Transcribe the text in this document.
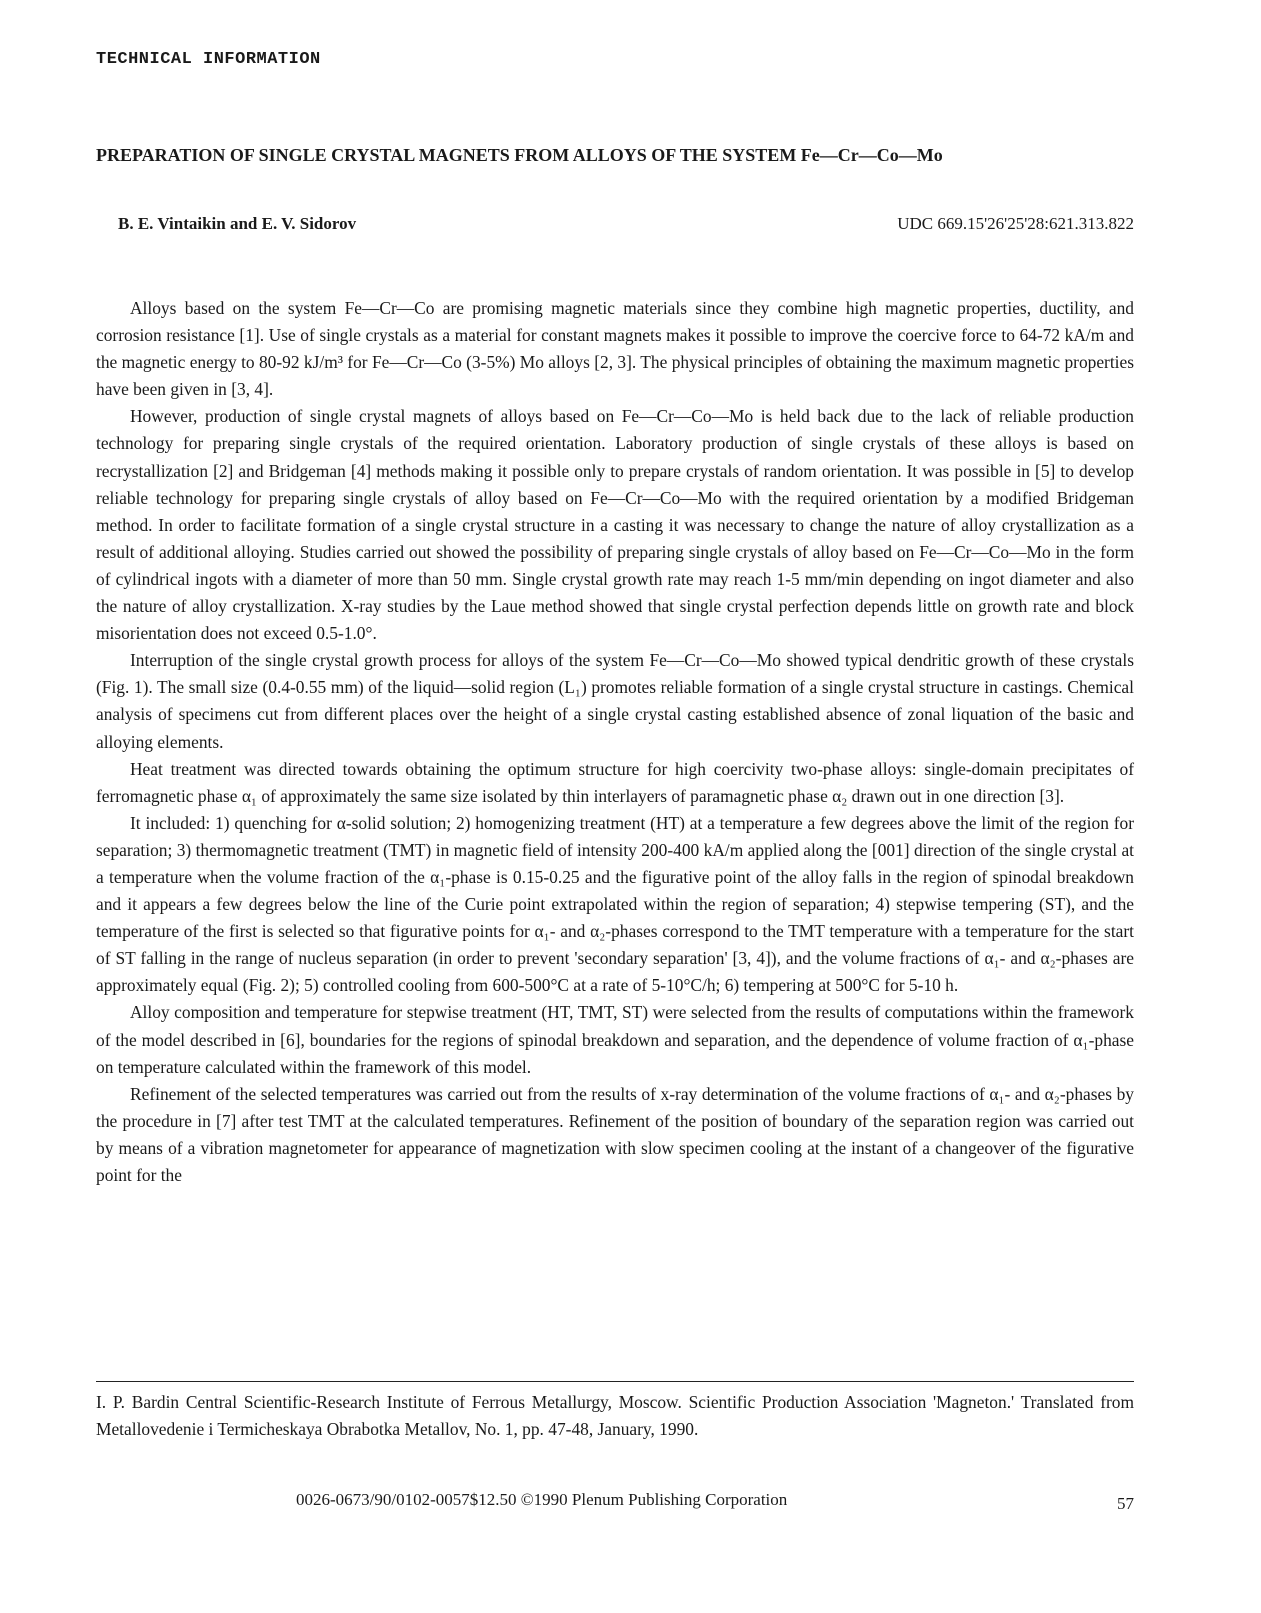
TECHNICAL INFORMATION
PREPARATION OF SINGLE CRYSTAL MAGNETS FROM ALLOYS OF THE SYSTEM Fe—Cr—Co—Mo
B. E. Vintaikin and E. V. Sidorov	UDC 669.15'26'25'28:621.313.822

Alloys based on the system Fe—Cr—Co are promising magnetic materials since they combine high magnetic properties, ductility, and corrosion resistance [1]. Use of single crystals as a material for constant magnets makes it possible to improve the coercive force to 64-72 kA/m and the magnetic energy to 80-92 kJ/m³ for Fe—Cr—Co (3-5%) Mo alloys [2, 3]. The physical principles of obtaining the maximum magnetic properties have been given in [3, 4].

However, production of single crystal magnets of alloys based on Fe—Cr—Co—Mo is held back due to the lack of reliable production technology for preparing single crystals of the required orientation. Laboratory production of single crystals of these alloys is based on recrystallization [2] and Bridgeman [4] methods making it possible only to prepare crystals of random orientation. It was possible in [5] to develop reliable technology for preparing single crystals of alloy based on Fe—Cr—Co—Mo with the required orientation by a modified Bridgeman method. In order to facilitate formation of a single crystal structure in a casting it was necessary to change the nature of alloy crystallization as a result of additional alloying. Studies carried out showed the possibility of preparing single crystals of alloy based on Fe—Cr—Co—Mo in the form of cylindrical ingots with a diameter of more than 50 mm. Single crystal growth rate may reach 1-5 mm/min depending on ingot diameter and also the nature of alloy crystallization. X-ray studies by the Laue method showed that single crystal perfection depends little on growth rate and block misorientation does not exceed 0.5-1.0°.

Interruption of the single crystal growth process for alloys of the system Fe—Cr—Co—Mo showed typical dendritic growth of these crystals (Fig. 1). The small size (0.4-0.55 mm) of the liquid—solid region (L₁) promotes reliable formation of a single crystal structure in castings. Chemical analysis of specimens cut from different places over the height of a single crystal casting established absence of zonal liquation of the basic and alloying elements.

Heat treatment was directed towards obtaining the optimum structure for high coercivity two-phase alloys: single-domain precipitates of ferromagnetic phase α₁ of approximately the same size isolated by thin interlayers of paramagnetic phase α₂ drawn out in one direction [3].

It included: 1) quenching for α-solid solution; 2) homogenizing treatment (HT) at a temperature a few degrees above the limit of the region for separation; 3) thermomagnetic treatment (TMT) in magnetic field of intensity 200-400 kA/m applied along the [001] direction of the single crystal at a temperature when the volume fraction of the α₁-phase is 0.15-0.25 and the figurative point of the alloy falls in the region of spinodal breakdown and it appears a few degrees below the line of the Curie point extrapolated within the region of separation; 4) stepwise tempering (ST), and the temperature of the first is selected so that figurative points for α₁- and α₂-phases correspond to the TMT temperature with a temperature for the start of ST falling in the range of nucleus separation (in order to prevent 'secondary separation' [3, 4]), and the volume fractions of α₁- and α₂-phases are approximately equal (Fig. 2); 5) controlled cooling from 600-500°C at a rate of 5-10°C/h; 6) tempering at 500°C for 5-10 h.

Alloy composition and temperature for stepwise treatment (HT, TMT, ST) were selected from the results of computations within the framework of the model described in [6], boundaries for the regions of spinodal breakdown and separation, and the dependence of volume fraction of α₁-phase on temperature calculated within the framework of this model.

Refinement of the selected temperatures was carried out from the results of x-ray determination of the volume fractions of α₁- and α₂-phases by the procedure in [7] after test TMT at the calculated temperatures. Refinement of the position of boundary of the separation region was carried out by means of a vibration magnetometer for appearance of magnetization with slow specimen cooling at the instant of a changeover of the figurative point for the

I. P. Bardin Central Scientific-Research Institute of Ferrous Metallurgy, Moscow. Scientific Production Association 'Magneton.' Translated from Metallovedenie i Termicheskaya Obrabotka Metallov, No. 1, pp. 47-48, January, 1990.
0026-0673/90/0102-0057$12.50 ©1990 Plenum Publishing Corporation	57
